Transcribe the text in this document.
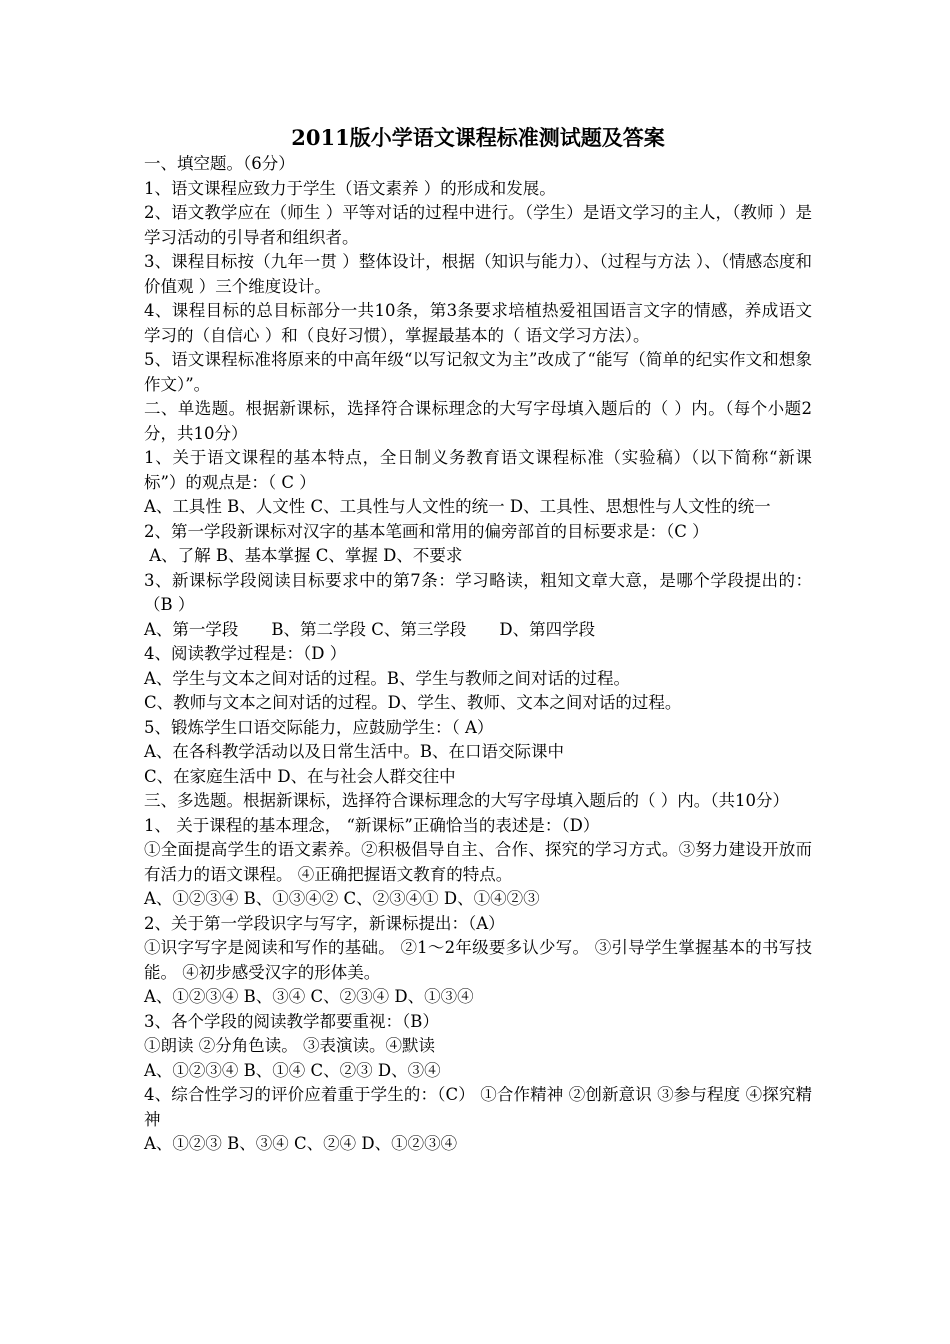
2011版小学语文课程标准测试题及答案

一、填空题。（6分）

1、语文课程应致力于学生（语文素养 ）的形成和发展。

2、语文教学应在（师生 ）平等对话的过程中进行。（学生）是语文学习的主人，（教师 ）是学习活动的引导者和组织者。

3、课程目标按（九年一贯 ）整体设计，根据（知识与能力）、（过程与方法 ）、（情感态度和价值观 ）三个维度设计。

4、课程目标的总目标部分一共10条，第3条要求培植热爱祖国语言文字的情感，养成语文学习的（自信心 ）和（良好习惯），掌握最基本的（ 语文学习方法）。

5、语文课程标准将原来的中高年级“以写记叙文为主”改成了“能写（简单的纪实作文和想象作文）”。

二、单选题。根据新课标，选择符合课标理念的大写字母填入题后的（ ）内。（每个小题2分，共10分）

1、关于语文课程的基本特点，全日制义务教育语文课程标准（实验稿）（以下简称“新课标”）的观点是：（ C ）

A、工具性 B、人文性 C、工具性与人文性的统一 D、工具性、思想性与人文性的统一

2、第一学段新课标对汉字的基本笔画和常用的偏旁部首的目标要求是：（C ）

A、了解 B、基本掌握 C、掌握 D、不要求

3、新课标学段阅读目标要求中的第7条：学习略读，粗知文章大意，是哪个学段提出的：（B ）

A、第一学段　　B、第二学段 C、第三学段　　D、第四学段

4、阅读教学过程是：（D ）

A、学生与文本之间对话的过程。B、学生与教师之间对话的过程。

C、教师与文本之间对话的过程。D、学生、教师、文本之间对话的过程。

5、锻炼学生口语交际能力，应鼓励学生：（ A）

A、在各科教学活动以及日常生活中。B、在口语交际课中

C、在家庭生活中 D、在与社会人群交往中

三、多选题。根据新课标，选择符合课标理念的大写字母填入题后的（ ）内。（共10分）

1、 关于课程的基本理念， “新课标”正确恰当的表述是：（D）

①全面提高学生的语文素养。②积极倡导自主、合作、探究的学习方式。③努力建设开放而有活力的语文课程。 ④正确把握语文教育的特点。

A、①②③④ B、①③④② C、②③④① D、①④②③

2、关于第一学段识字与写字，新课标提出：（A）

①识字写字是阅读和写作的基础。 ②1～2年级要多认少写。 ③引导学生掌握基本的书写技能。 ④初步感受汉字的形体美。

A、①②③④ B、③④ C、②③④ D、①③④

3、各个学段的阅读教学都要重视：（B）

①朗读 ②分角色读。 ③表演读。④默读

A、①②③④ B、①④ C、②③ D、③④

4、综合性学习的评价应着重于学生的：（C） ①合作精神 ②创新意识 ③参与程度 ④探究精神

A、①②③ B、③④ C、②④ D、①②③④
